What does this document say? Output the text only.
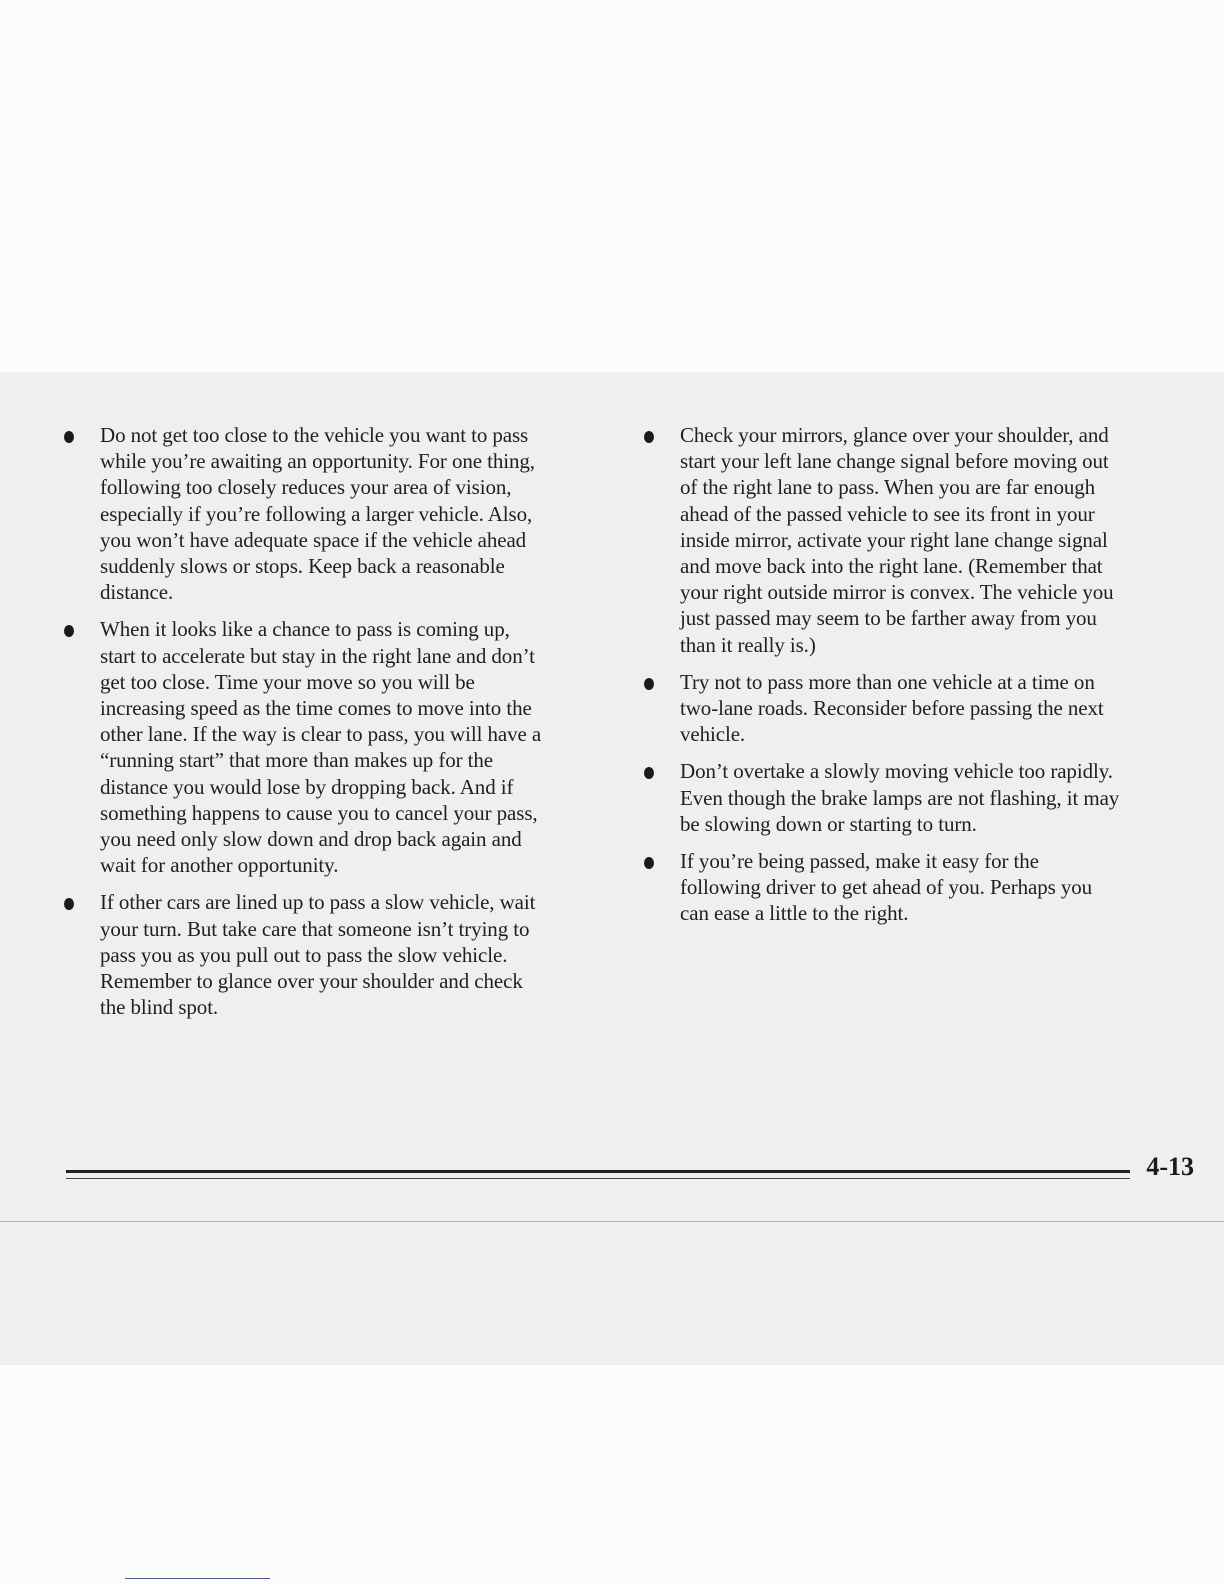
Do not get too close to the vehicle you want to pass
while you’re awaiting an opportunity. For one thing,
following too closely reduces your area of vision,
especially if you’re following a larger vehicle. Also,
you won’t have adequate space if the vehicle ahead
suddenly slows or stops. Keep back a reasonable
distance.
When it looks like a chance to pass is coming up,
start to accelerate but stay in the right lane and don’t
get too close. Time your move so you will be
increasing speed as the time comes to move into the
other lane. If the way is clear to pass, you will have a
“running start” that more than makes up for the
distance you would lose by dropping back. And if
something happens to cause you to cancel your pass,
you need only slow down and drop back again and
wait for another opportunity.
If other cars are lined up to pass a slow vehicle, wait
your turn. But take care that someone isn’t trying to
pass you as you pull out to pass the slow vehicle.
Remember to glance over your shoulder and check
the blind spot.
Check your mirrors, glance over your shoulder, and
start your left lane change signal before moving out
of the right lane to pass. When you are far enough
ahead of the passed vehicle to see its front in your
inside mirror, activate your right lane change signal
and move back into the right lane. (Remember that
your right outside mirror is convex. The vehicle you
just passed may seem to be farther away from you
than it really is.)
Try not to pass more than one vehicle at a time on
two-lane roads. Reconsider before passing the next
vehicle.
Don’t overtake a slowly moving vehicle too rapidly.
Even though the brake lamps are not flashing, it may
be slowing down or starting to turn.
If you’re being passed, make it easy for the
following driver to get ahead of you. Perhaps you
can ease a little to the right.
4-13
